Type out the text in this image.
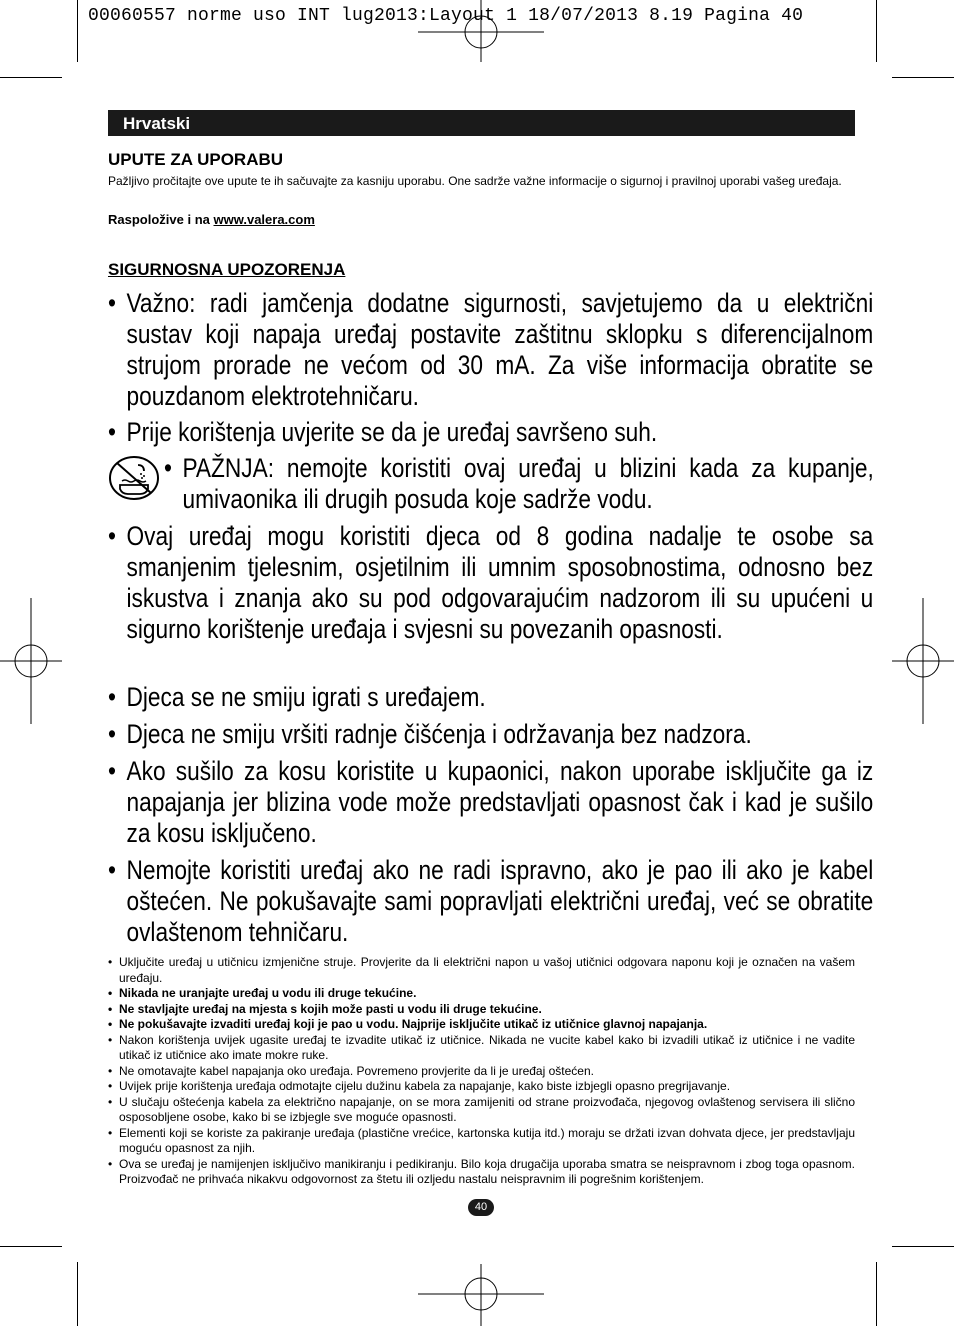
00060557 norme uso INT lug2013:Layout 1 18/07/2013 8.19 Pagina 40
Hrvatski
UPUTE ZA UPORABU
Pažljivo pročitajte ove upute te ih sačuvajte za kasniju uporabu. One sadrže važne informacije o sigurnoj i pravilnoj uporabi vašeg uređaja.
Raspoložive i na www.valera.com
SIGURNOSNA UPOZORENJA
• Važno: radi jamčenja dodatne sigurnosti, savjetujemo da u električni sustav koji napaja uređaj postavite zaštitnu sklopku s diferencijalnom strujom prorade ne većom od 30 mA. Za više informacija obratite se pouzdanom elektrotehničaru.
• Prije korištenja uvjerite se da je uređaj savršeno suh.
• PAŽNJA: nemojte koristiti ovaj uređaj u blizini kada za kupanje, umivaonika ili drugih posuda koje sadrže vodu.
• Ovaj uređaj mogu koristiti djeca od 8 godina nadalje te osobe sa smanjenim tjelesnim, osjetilnim ili umnim sposobnostima, odnosno bez iskustva i znanja ako su pod odgovarajućim nadzorom ili su upućeni u sigurno korištenje uređaja i svjesni su povezanih opasnosti.
• Djeca se ne smiju igrati s uređajem.
• Djeca ne smiju vršiti radnje čišćenja i održavanja bez nadzora.
• Ako sušilo za kosu koristite u kupaonici, nakon uporabe isključite ga iz napajanja jer blizina vode može predstavljati opasnost čak i kad je sušilo za kosu isključeno.
• Nemojte koristiti uređaj ako ne radi ispravno, ako je pao ili ako je kabel oštećen. Ne pokušavajte sami popravljati električni uređaj, već se obratite ovlaštenom tehničaru.
• Uključite uređaj u utičnicu izmjenične struje. Provjerite da li električni napon u vašoj utičnici odgovara naponu koji je označen na vašem uređaju.
• Nikada ne uranjajte uređaj u vodu ili druge tekućine.
• Ne stavljajte uređaj na mjesta s kojih može pasti u vodu ili druge tekućine.
• Ne pokušavajte izvaditi uređaj koji je pao u vodu. Najprije isključite utikač iz utičnice glavnoj napajanja.
• Nakon korištenja uvijek ugasite uređaj te izvadite utikač iz utičnice. Nikada ne vucite kabel kako bi izvadili utikač iz utičnice i ne vadite utikač iz utičnice ako imate mokre ruke.
• Ne omotavajte kabel napajanja oko uređaja. Povremeno provjerite da li je uređaj oštećen.
• Uvijek prije korištenja uređaja odmotajte cijelu dužinu kabela za napajanje, kako biste izbjegli opasno pregrijavanje.
• U slučaju oštećenja kabela za električno napajanje, on se mora zamijeniti od strane proizvođača, njegovog ovlaštenog servisera ili slično osposobljene osobe, kako bi se izbjegle sve moguće opasnosti.
• Elementi koji se koriste za pakiranje uređaja (plastične vrećice, kartonska kutija itd.) moraju se držati izvan dohvata djece, jer predstavljaju moguću opasnost za njih.
• Ova se uređaj je namijenjen isključivo manikiranju i pedikiranju. Bilo koja drugačija uporaba smatra se neispravnom i zbog toga opasnom. Proizvođač ne prihvaća nikakvu odgovornost za štetu ili ozljedu nastalu neispravnim ili pogrešnim korištenjem.
40
